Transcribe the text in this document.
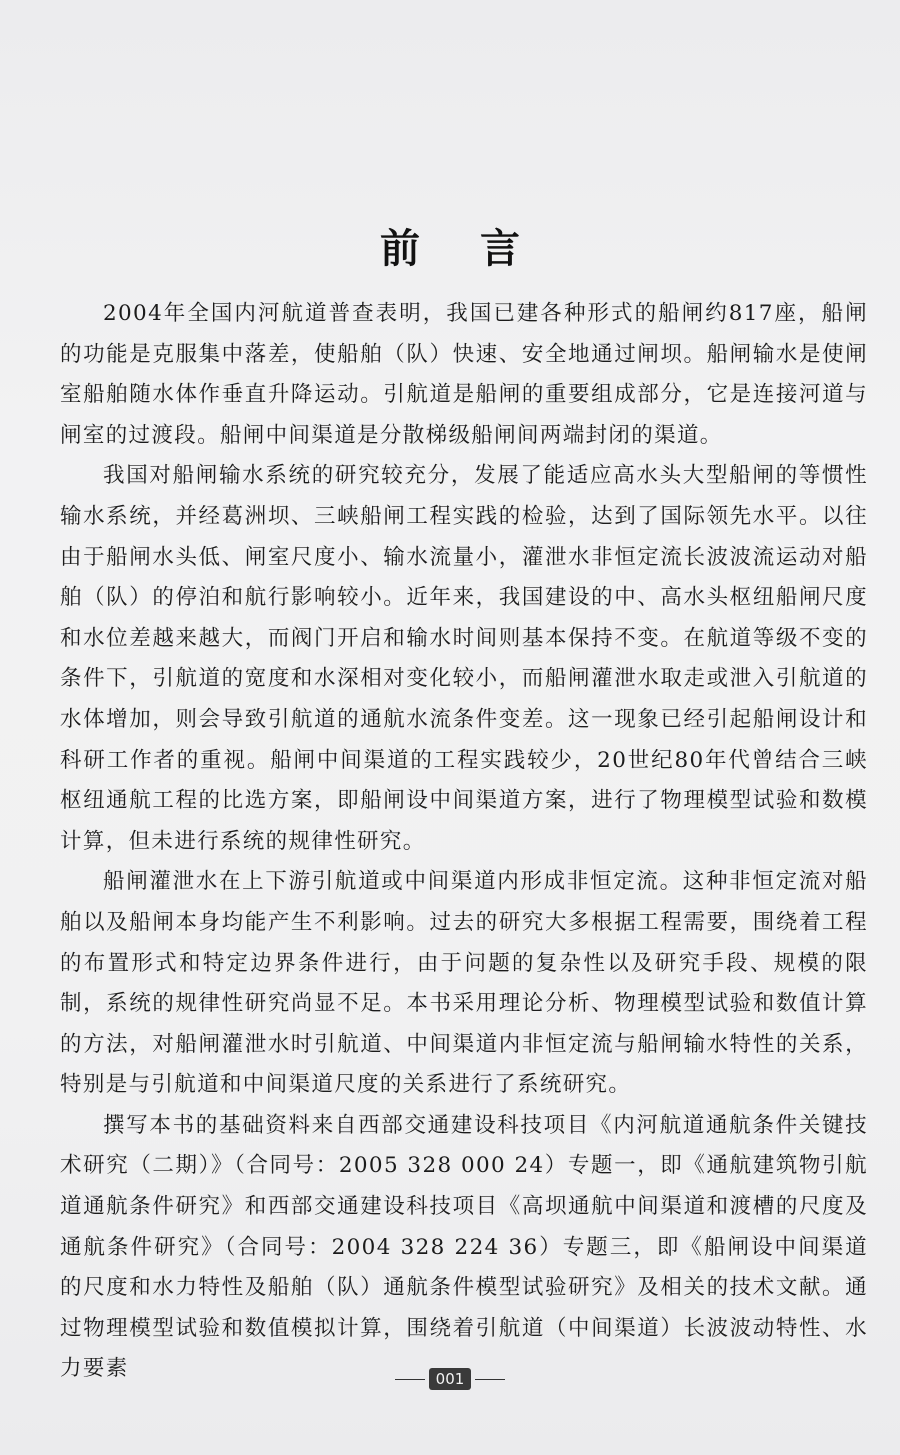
前言

2004年全国内河航道普查表明，我国已建各种形式的船闸约817座，船闸的功能是克服集中落差，使船舶（队）快速、安全地通过闸坝。船闸输水是使闸室船舶随水体作垂直升降运动。引航道是船闸的重要组成部分，它是连接河道与闸室的过渡段。船闸中间渠道是分散梯级船闸间两端封闭的渠道。

我国对船闸输水系统的研究较充分，发展了能适应高水头大型船闸的等惯性输水系统，并经葛洲坝、三峡船闸工程实践的检验，达到了国际领先水平。以往由于船闸水头低、闸室尺度小、输水流量小，灌泄水非恒定流长波波流运动对船舶（队）的停泊和航行影响较小。近年来，我国建设的中、高水头枢纽船闸尺度和水位差越来越大，而阀门开启和输水时间则基本保持不变。在航道等级不变的条件下，引航道的宽度和水深相对变化较小，而船闸灌泄水取走或泄入引航道的水体增加，则会导致引航道的通航水流条件变差。这一现象已经引起船闸设计和科研工作者的重视。船闸中间渠道的工程实践较少，20世纪80年代曾结合三峡枢纽通航工程的比选方案，即船闸设中间渠道方案，进行了物理模型试验和数模计算，但未进行系统的规律性研究。

船闸灌泄水在上下游引航道或中间渠道内形成非恒定流。这种非恒定流对船舶以及船闸本身均能产生不利影响。过去的研究大多根据工程需要，围绕着工程的布置形式和特定边界条件进行，由于问题的复杂性以及研究手段、规模的限制，系统的规律性研究尚显不足。本书采用理论分析、物理模型试验和数值计算的方法，对船闸灌泄水时引航道、中间渠道内非恒定流与船闸输水特性的关系，特别是与引航道和中间渠道尺度的关系进行了系统研究。

撰写本书的基础资料来自西部交通建设科技项目《内河航道通航条件关键技术研究（二期）》（合同号：2005 328 000 24）专题一，即《通航建筑物引航道通航条件研究》和西部交通建设科技项目《高坝通航中间渠道和渡槽的尺度及通航条件研究》（合同号：2004 328 224 36）专题三，即《船闸设中间渠道的尺度和水力特性及船舶（队）通航条件模型试验研究》及相关的技术文献。通过物理模型试验和数值模拟计算，围绕着引航道（中间渠道）长波波动特性、水力要素	001
